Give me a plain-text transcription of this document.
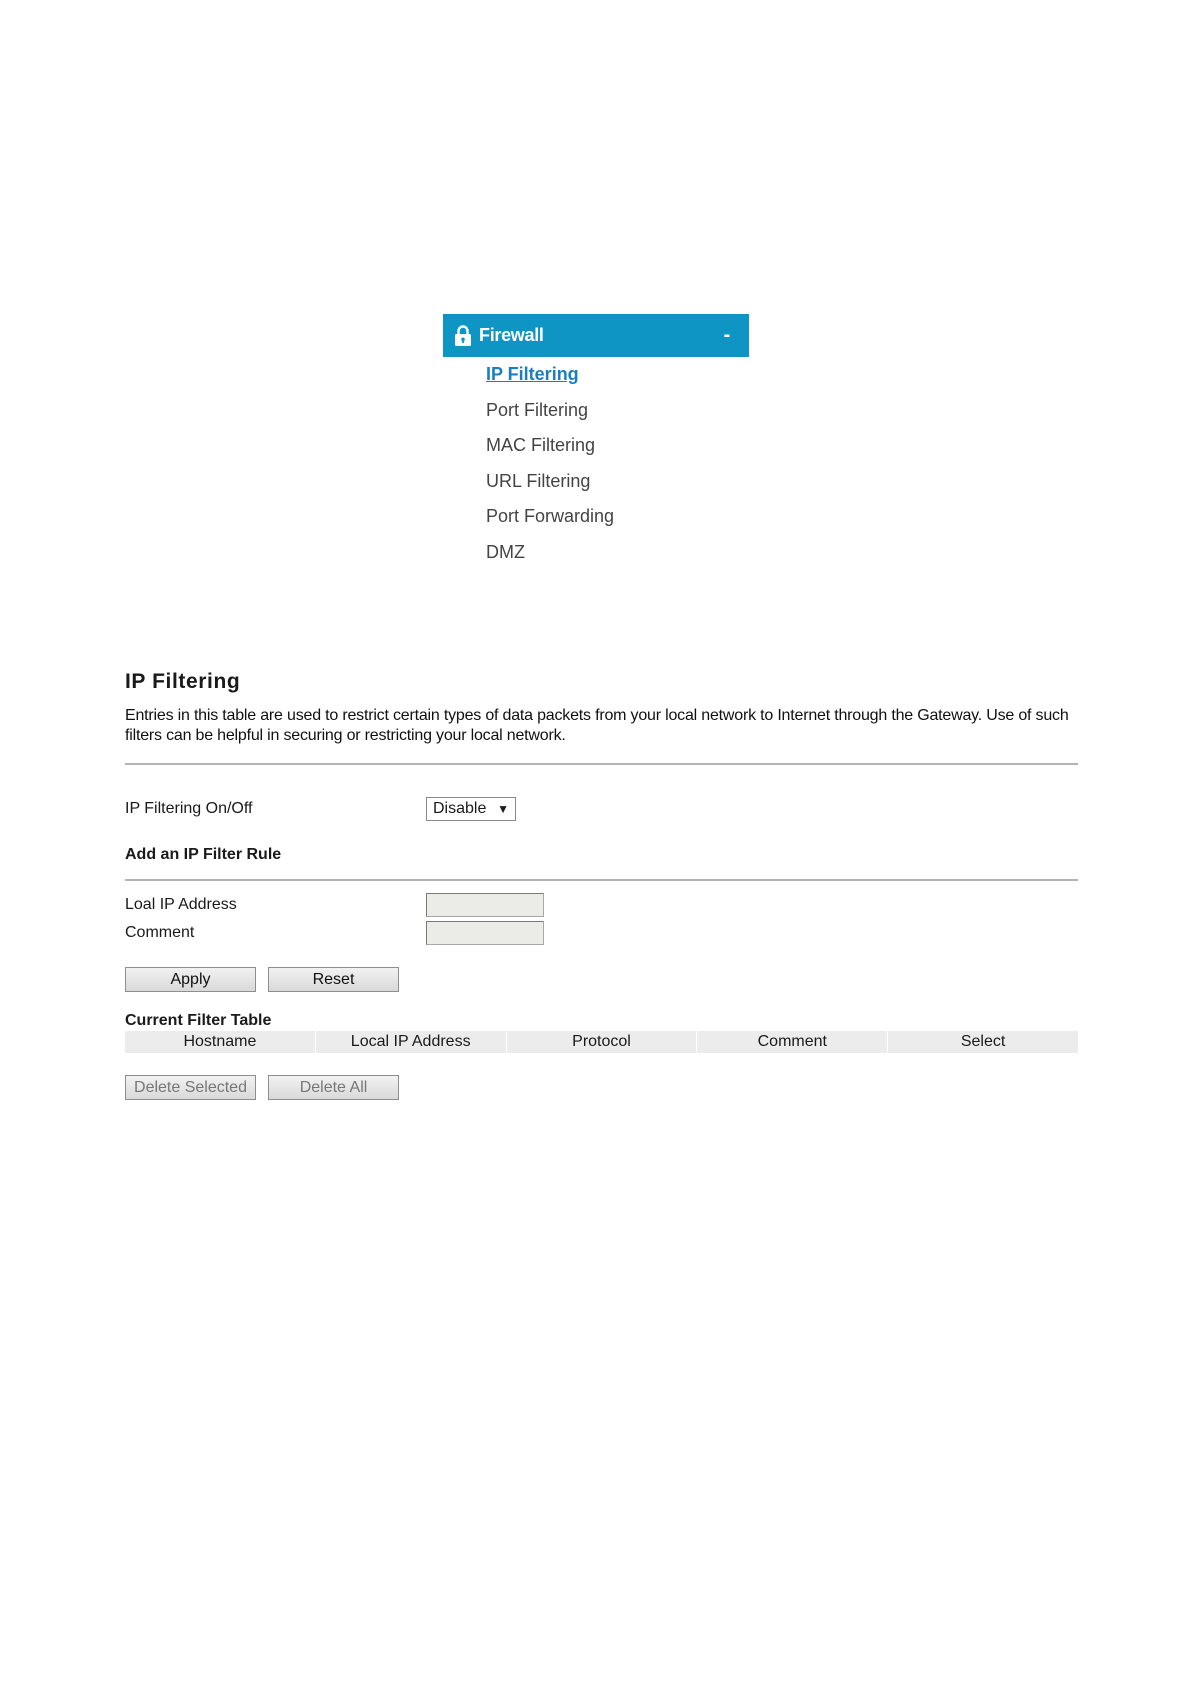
Firewall	-
IP Filtering
Port Filtering
MAC Filtering
URL Filtering
Port Forwarding
DMZ
IP Filtering
Entries in this table are used to restrict certain types of data packets from your local network to Internet through the Gateway. Use of such filters can be helpful in securing or restricting your local network.
IP Filtering On/Off	Disable ▼
Add an IP Filter Rule
Loal IP Address
Comment
Apply	Reset
Current Filter Table
Hostname	Local IP Address	Protocol	Comment	Select
Delete Selected	Delete All
